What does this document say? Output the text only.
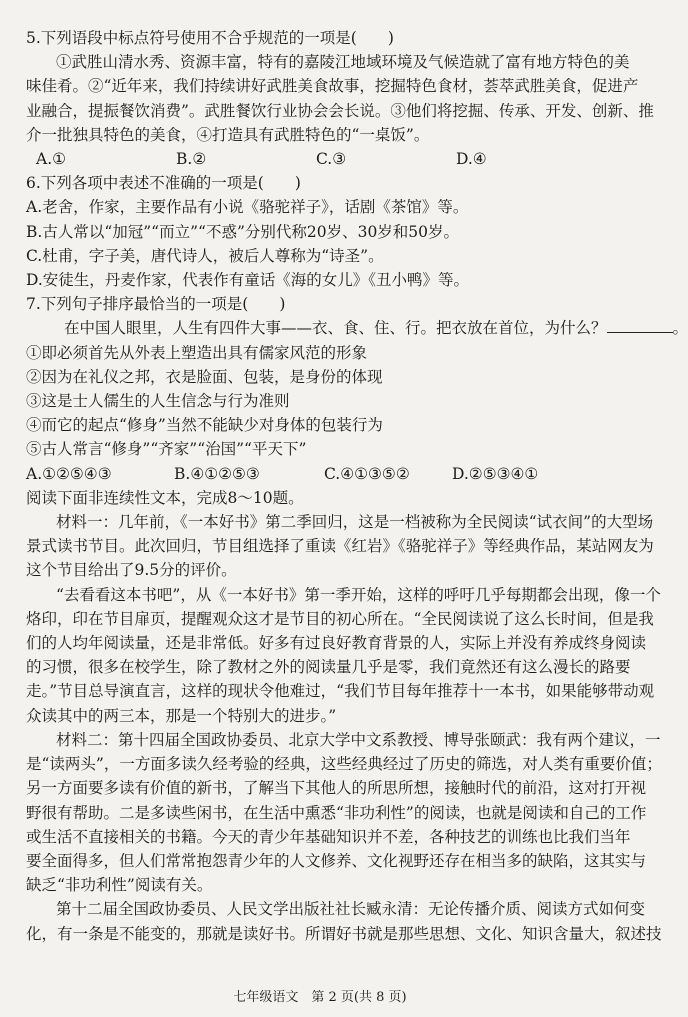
5.下列语段中标点符号使用不合乎规范的一项是(　　)
①武胜山清水秀、资源丰富，特有的嘉陵江地域环境及气候造就了富有地方特色的美
味佳肴。②“近年来，我们持续讲好武胜美食故事，挖掘特色食材，荟萃武胜美食，促进产
业融合，提振餐饮消费”。武胜餐饮行业协会会长说。③他们将挖掘、传承、开发、创新、推
介一批独具特色的美食，④打造具有武胜特色的“一桌饭”。
A.①	B.②	C.③	D.④
6.下列各项中表述不准确的一项是(　　)
A.老舍，作家，主要作品有小说《骆驼祥子》，话剧《茶馆》等。
B.古人常以“加冠”“而立”“不惑”分别代称20岁、30岁和50岁。
C.杜甫，字子美，唐代诗人，被后人尊称为“诗圣”。
D.安徒生，丹麦作家，代表作有童话《海的女儿》《丑小鸭》等。
7.下列句子排序最恰当的一项是(　　)
在中国人眼里，人生有四件大事——衣、食、住、行。把衣放在首位，为什么？	。
①即必须首先从外表上塑造出具有儒家风范的形象
②因为在礼仪之邦，衣是脸面、包装，是身份的体现
③这是士人儒生的人生信念与行为准则
④而它的起点“修身”当然不能缺少对身体的包装行为
⑤古人常言“修身”“齐家”“治国”“平天下”
A.①②⑤④③	B.④①②⑤③	C.④①③⑤②	D.②⑤③④①
阅读下面非连续性文本，完成8～10题。
材料一：几年前，《一本好书》第二季回归，这是一档被称为全民阅读“试衣间”的大型场
景式读书节目。此次回归，节目组选择了重读《红岩》《骆驼祥子》等经典作品，某站网友为
这个节目给出了9.5分的评价。
“去看看这本书吧”，从《一本好书》第一季开始，这样的呼吁几乎每期都会出现，像一个
烙印，印在节目扉页，提醒观众这才是节目的初心所在。“全民阅读说了这么长时间，但是我
们的人均年阅读量，还是非常低。好多有过良好教育背景的人，实际上并没有养成终身阅读
的习惯，很多在校学生，除了教材之外的阅读量几乎是零，我们竟然还有这么漫长的路要
走。”节目总导演直言，这样的现状令他难过，“我们节目每年推荐十一本书，如果能够带动观
众读其中的两三本，那是一个特别大的进步。”
材料二：第十四届全国政协委员、北京大学中文系教授、博导张颐武：我有两个建议，一
是“读两头”，一方面多读久经考验的经典，这些经典经过了历史的筛选，对人类有重要价值；
另一方面要多读有价值的新书，了解当下其他人的所思所想，接触时代的前沿，这对打开视
野很有帮助。二是多读些闲书，在生活中熏悉“非功利性”的阅读，也就是阅读和自己的工作
或生活不直接相关的书籍。今天的青少年基础知识并不差，各种技艺的训练也比我们当年
要全面得多，但人们常常抱怨青少年的人文修养、文化视野还存在相当多的缺陷，这其实与
缺乏“非功利性”阅读有关。
第十二届全国政协委员、人民文学出版社社长臧永清：无论传播介质、阅读方式如何变
化，有一条是不能变的，那就是读好书。所谓好书就是那些思想、文化、知识含量大，叙述技
七年级语文　第 2 页(共 8 页)
